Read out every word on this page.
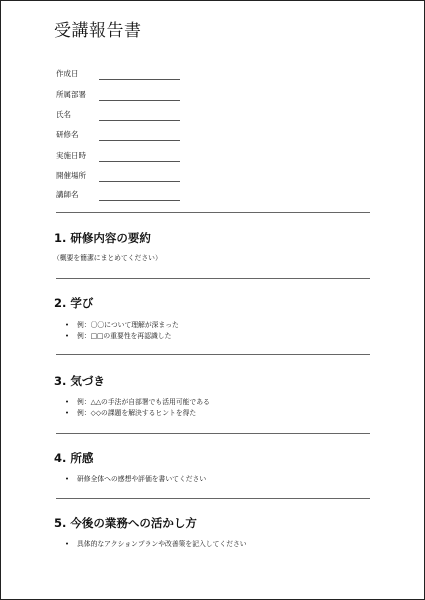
受講報告書
作成日
所属部署
氏名
研修名
実施日時
開催場所
講師名
1. 研修内容の要約
（概要を簡潔にまとめてください）
2. 学び
• 例：〇〇について理解が深まった
• 例：□□の重要性を再認識した
3. 気づき
• 例：△△の手法が自部署でも活用可能である
• 例：◇◇の課題を解決するヒントを得た
4. 所感
• 研修全体への感想や評価を書いてください
5. 今後の業務への活かし方
• 具体的なアクションプランや改善策を記入してください
